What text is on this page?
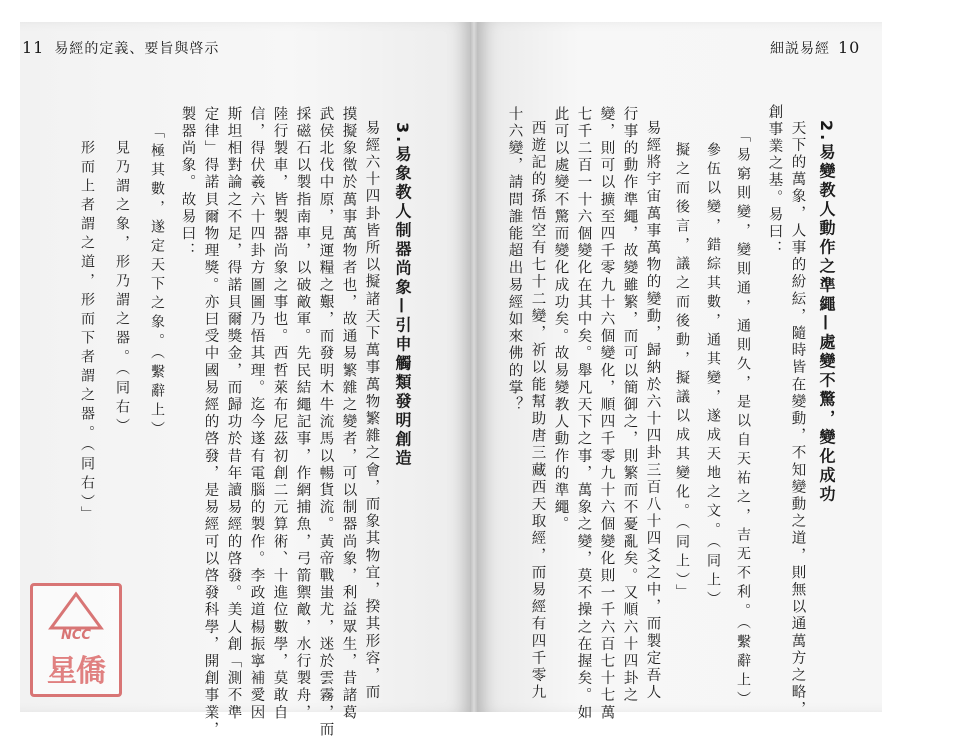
11 易經的定義、要旨與啓示
3.易象教人制器尚象—引申觸類發明創造
易經六十四卦皆所以擬諸天下萬事萬物繁雜之會，而象其物宜，揆其形容，而
摸擬象徵於萬事萬物者也，故通易繁雜之變者，可以制器尚象，利益眾生，昔諸葛
武侯北伐中原，見運糧之艱，而發明木牛流馬以暢貨流。黃帝戰蚩尤，迷於雲霧，而
採磁石以製指南車，以破敵軍。先民結繩記事，作網捕魚，弓箭禦敵，水行製舟，
陸行製車，皆製器尚象之事也。西哲萊布尼茲初創二元算術、十進位數學，莫敢自
信，得伏羲六十四卦方圖圖乃悟其理。迄今遂有電腦的製作。李政道楊振寧補愛因
斯坦相對論之不足，得諾貝爾獎金，而歸功於昔年讀易經的啓發。美人創「測不準
定律」得諾貝爾物理獎。亦曰受中國易經的啓發，是易經可以啓發科學，開創事業，
製器尚象。故易曰：
「極其數，遂定天下之象。（繫辭上）
見乃謂之象，形乃謂之器。（同右）
形而上者謂之道，形而下者謂之器。（同右）」
細説易經 10
2.易變教人動作之準繩—處變不驚，變化成功
天下的萬象，人事的紛紜，隨時皆在變動，不知變動之道，則無以通萬方之略，
創事業之基。易曰：
「易窮則變，變則通，通則久，是以自天祐之，吉无不利。（繫辭上）
參伍以變，錯綜其數，通其變，遂成天地之文。（同上）
擬之而後言，議之而後動，擬議以成其變化。（同上）」
易經將宇宙萬事萬物的變動，歸納於六十四卦三百八十四爻之中，而製定吾人
行事的動作準繩，故變雖繁，而可以簡御之，則繁而不憂亂矣。又順六十四卦之
變，則可以擴至四千零九十六個變化，順四千零九十六個變化則一千六百七十七萬
七千二百一十六個變化在其中矣。舉凡天下之事，萬象之變，莫不操之在握矣。如
此可以處變不驚而變化成功矣。故易變教人動作的準繩。
西遊記的孫悟空有七十二變，祈以能幫助唐三藏西天取經，而易經有四千零九
十六變，請問誰能超出易經如來佛的掌？
NCC
星僑
